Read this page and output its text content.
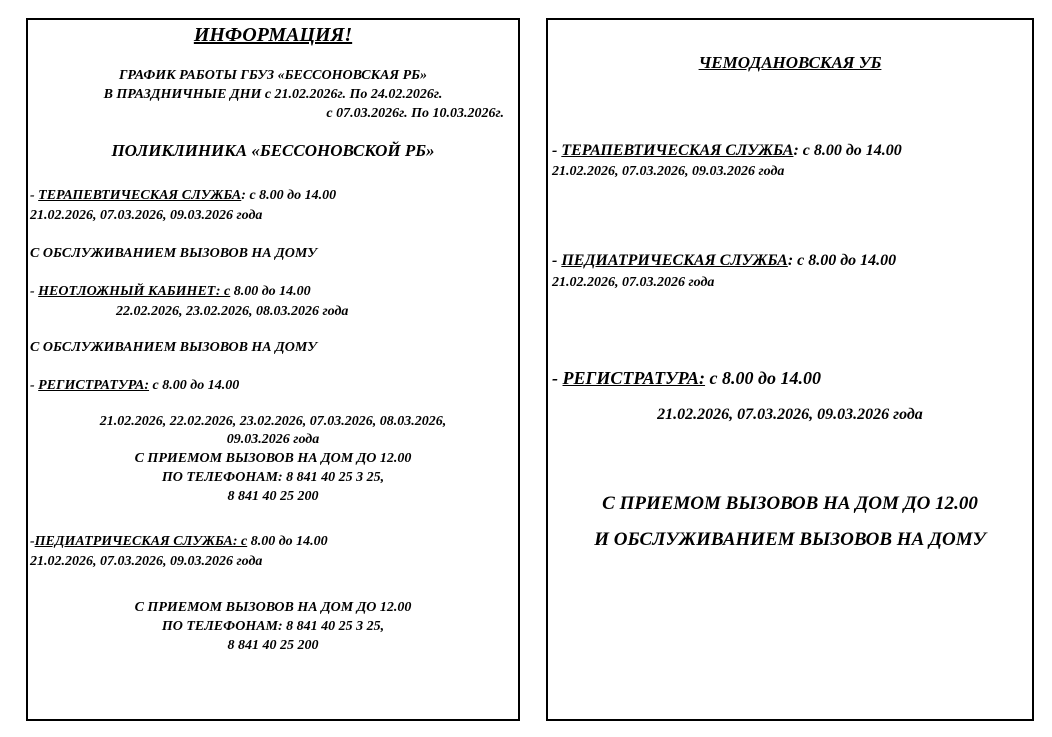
ИНФОРМАЦИЯ!
ГРАФИК РАБОТЫ ГБУЗ «БЕССОНОВСКАЯ РБ»
В ПРАЗДНИЧНЫЕ ДНИ с 21.02.2026г. По 24.02.2026г.
с 07.03.2026г. По 10.03.2026г.
ПОЛИКЛИНИКА «БЕССОНОВСКОЙ РБ»
- ТЕРАПЕВТИЧЕСКАЯ СЛУЖБА: с 8.00 до 14.00
21.02.2026, 07.03.2026, 09.03.2026 года
С ОБСЛУЖИВАНИЕМ ВЫЗОВОВ НА ДОМУ
- НЕОТЛОЖНЫЙ КАБИНЕТ: с 8.00 до 14.00
22.02.2026, 23.02.2026, 08.03.2026 года
С ОБСЛУЖИВАНИЕМ ВЫЗОВОВ НА ДОМУ
- РЕГИСТРАТУРА: с 8.00 до 14.00
21.02.2026, 22.02.2026, 23.02.2026, 07.03.2026, 08.03.2026,
09.03.2026 года
С ПРИЕМОМ ВЫЗОВОВ НА ДОМ ДО 12.00
ПО ТЕЛЕФОНАМ: 8 841 40 25 3 25,
8 841 40 25 200
-ПЕДИАТРИЧЕСКАЯ СЛУЖБА: с 8.00 до 14.00
21.02.2026, 07.03.2026, 09.03.2026 года
С ПРИЕМОМ ВЫЗОВОВ НА ДОМ ДО 12.00
ПО ТЕЛЕФОНАМ: 8 841 40 25 3 25,
8 841 40 25 200
ЧЕМОДАНОВСКАЯ УБ
- ТЕРАПЕВТИЧЕСКАЯ СЛУЖБА: с 8.00 до 14.00
21.02.2026, 07.03.2026, 09.03.2026 года
- ПЕДИАТРИЧЕСКАЯ СЛУЖБА: с 8.00 до 14.00
21.02.2026, 07.03.2026 года
- РЕГИСТРАТУРА: с 8.00 до 14.00
21.02.2026, 07.03.2026, 09.03.2026 года
С ПРИЕМОМ ВЫЗОВОВ НА ДОМ ДО 12.00
И ОБСЛУЖИВАНИЕМ ВЫЗОВОВ НА ДОМУ
